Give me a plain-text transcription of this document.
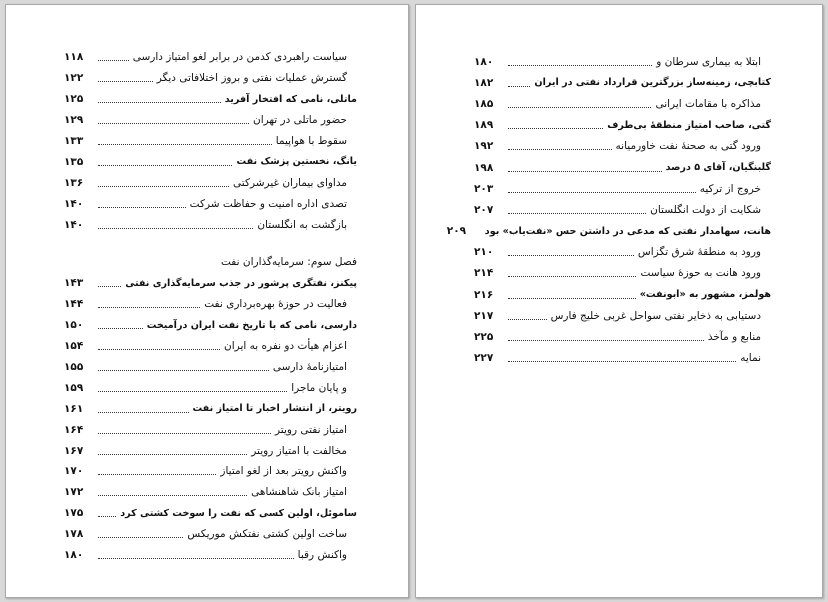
سیاست راهبردی کدمن در برابر لغو امتیاز دارسی
۱۱۸
گسترش عملیات نفتی و بروز اختلافاتی دیگر
۱۲۲
ماتلی، نامی که افتخار آفرید
۱۲۵
حضور ماتلی در تهران
۱۲۹
سقوط با هواپیما
۱۳۳
یانگ، نخستین پزشک نفت
۱۳۵
مداوای بیماران غیرشرکتی
۱۳۶
تصدی اداره امنیت و حفاظت شرکت
۱۴۰
بازگشت به انگلستان
۱۴۰
فصل سوم: سرمایه‌گذاران نفت
پیکنز، نفتگری پرشور در جذب سرمایه‌گذاری نفتی
۱۴۳
فعالیت در حوزهٔ بهره‌برداری نفت
۱۴۴
دارسی، نامی که با تاریخ نفت ایران درآمیخت
۱۵۰
اعزام هیأت دو نفره به ایران
۱۵۴
امتیازنامهٔ دارسی
۱۵۵
و پایان ماجرا
۱۵۹
رویتر، از انتشار اخبار تا امتیاز نفت
۱۶۱
امتیاز نفتی رویتر
۱۶۴
مخالفت با امتیاز رویتر
۱۶۷
واکنش رویتر بعد از لغو امتیاز
۱۷۰
امتیاز بانک شاهنشاهی
۱۷۲
ساموئل، اولین کسی که نفت را سوخت کشتی کرد
۱۷۵
ساخت اولین کشتی نفتکش موریکس
۱۷۸
واکنش رقبا
۱۸۰
ابتلا به بیماری سرطان و
۱۸۰
کتابچی، زمینه‌ساز بزرگترین قرارداد نفتی در ایران
۱۸۲
مذاکره با مقامات ایرانی
۱۸۵
گتی، صاحب امتیاز منطقهٔ بی‌طرف
۱۸۹
ورود گتی به صحنهٔ نفت خاورمیانه
۱۹۲
گلبنگیان، آقای ۵ درصد
۱۹۸
خروج از ترکیه
۲۰۳
شکایت از دولت انگلستان
۲۰۷
هانت، سهامدار نفتی که مدعی در داشتن حس «نفت‌یاب» بود
۲۰۹
ورود به منطقهٔ شرق تگزاس
۲۱۰
ورود هانت به حوزهٔ سیاست
۲۱۴
هولمز، مشهور به «ابونفت»
۲۱۶
دستیابی به ذخایر نفتی سواحل غربی خلیج فارس
۲۱۷
منابع و مآخذ
۲۲۵
نمایه
۲۲۷
